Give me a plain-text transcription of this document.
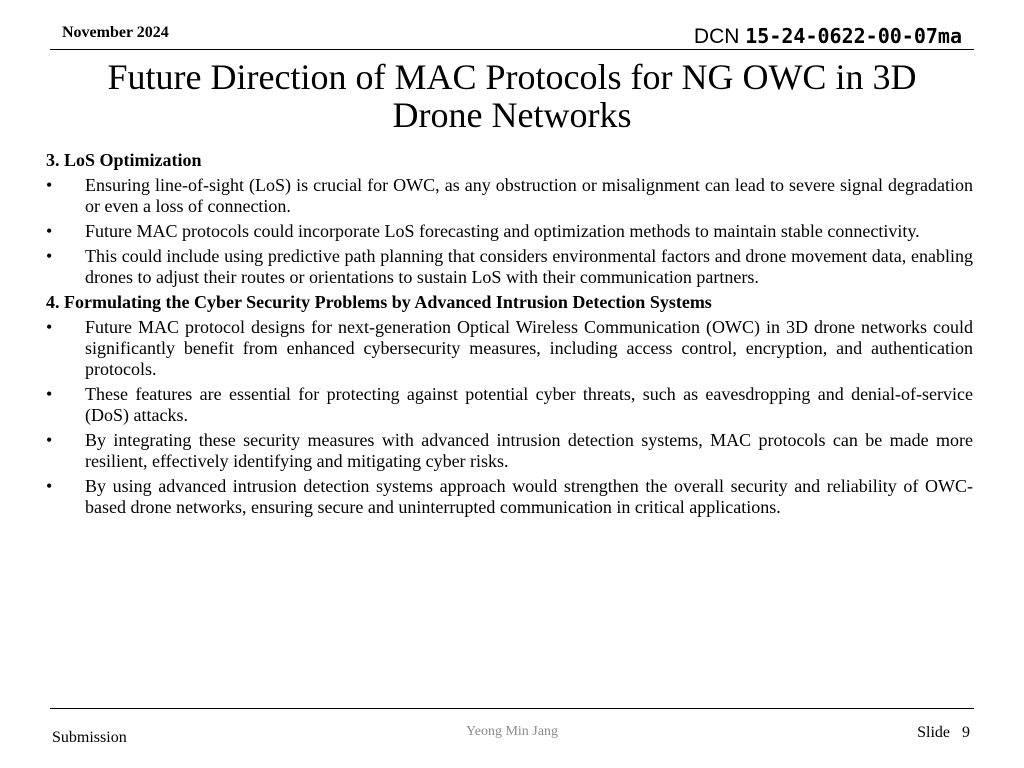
November 2024	DCN 15-24-0622-00-07ma
Future Direction of MAC Protocols for NG OWC in 3D
Drone Networks
3. LoS Optimization
•	Ensuring line-of-sight (LoS) is crucial for OWC, as any obstruction or misalignment can lead to severe signal degradation or even a loss of connection.
•	Future MAC protocols could incorporate LoS forecasting and optimization methods to maintain stable connectivity.
•	This could include using predictive path planning that considers environmental factors and drone movement data, enabling drones to adjust their routes or orientations to sustain LoS with their communication partners.
4. Formulating the Cyber Security Problems by Advanced Intrusion Detection Systems
•	Future MAC protocol designs for next-generation Optical Wireless Communication (OWC) in 3D drone networks could significantly benefit from enhanced cybersecurity measures, including access control, encryption, and authentication protocols.
•	These features are essential for protecting against potential cyber threats, such as eavesdropping and denial-of-service (DoS) attacks.
•	By integrating these security measures with advanced intrusion detection systems, MAC protocols can be made more resilient, effectively identifying and mitigating cyber risks.
•	By using advanced intrusion detection systems approach would strengthen the overall security and reliability of OWC-based drone networks, ensuring secure and uninterrupted communication in critical applications.
Submission	Yeong Min Jang	Slide 9
